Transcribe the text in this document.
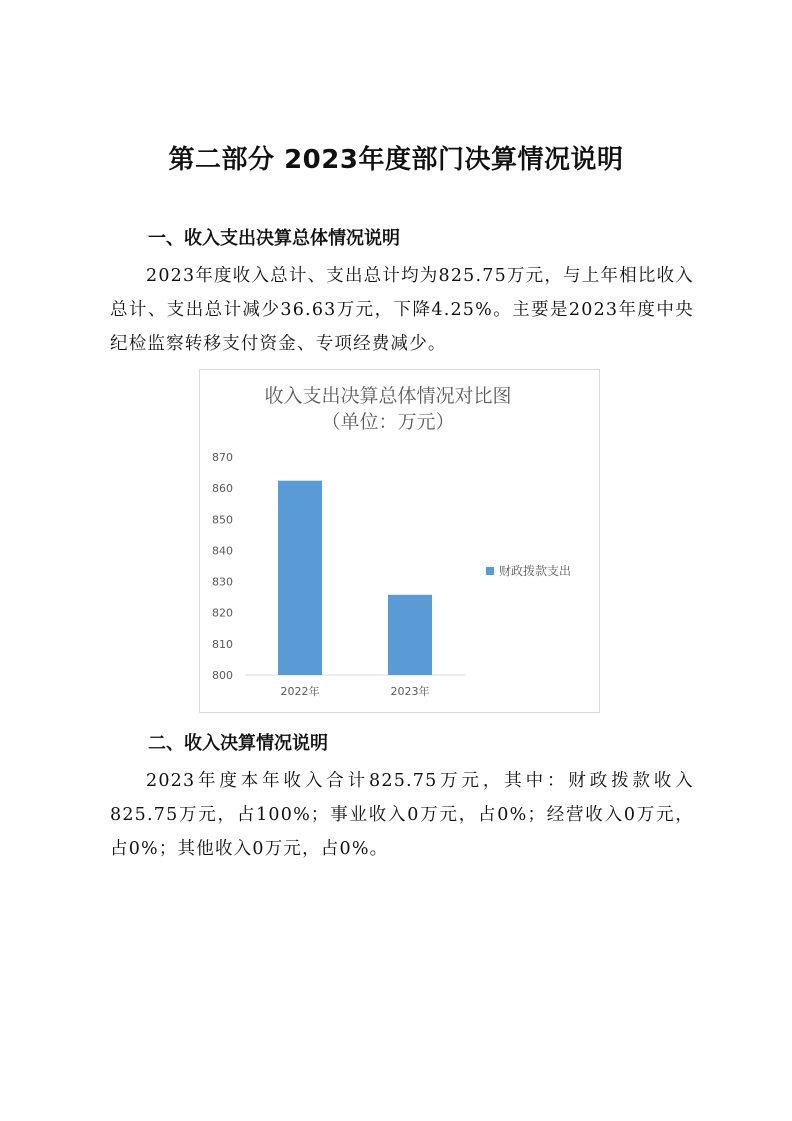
第二部分 2023年度部门决算情况说明
一、收入支出决算总体情况说明
2023年度收入总计、支出总计均为825.75万元，与上年相比收入总计、支出总计减少36.63万元，下降4.25%。主要是2023年度中央纪检监察转移支付资金、专项经费减少。
收入支出决算总体情况对比图
（单位：万元）
800
810
820
830
840
850
860
870
2022年	2023年
财政拨款支出
二、收入决算情况说明
2023年度本年收入合计825.75万元，其中：财政拨款收入825.75万元，占100%；事业收入0万元，占0%；经营收入0万元，占0%；其他收入0万元，占0%。
